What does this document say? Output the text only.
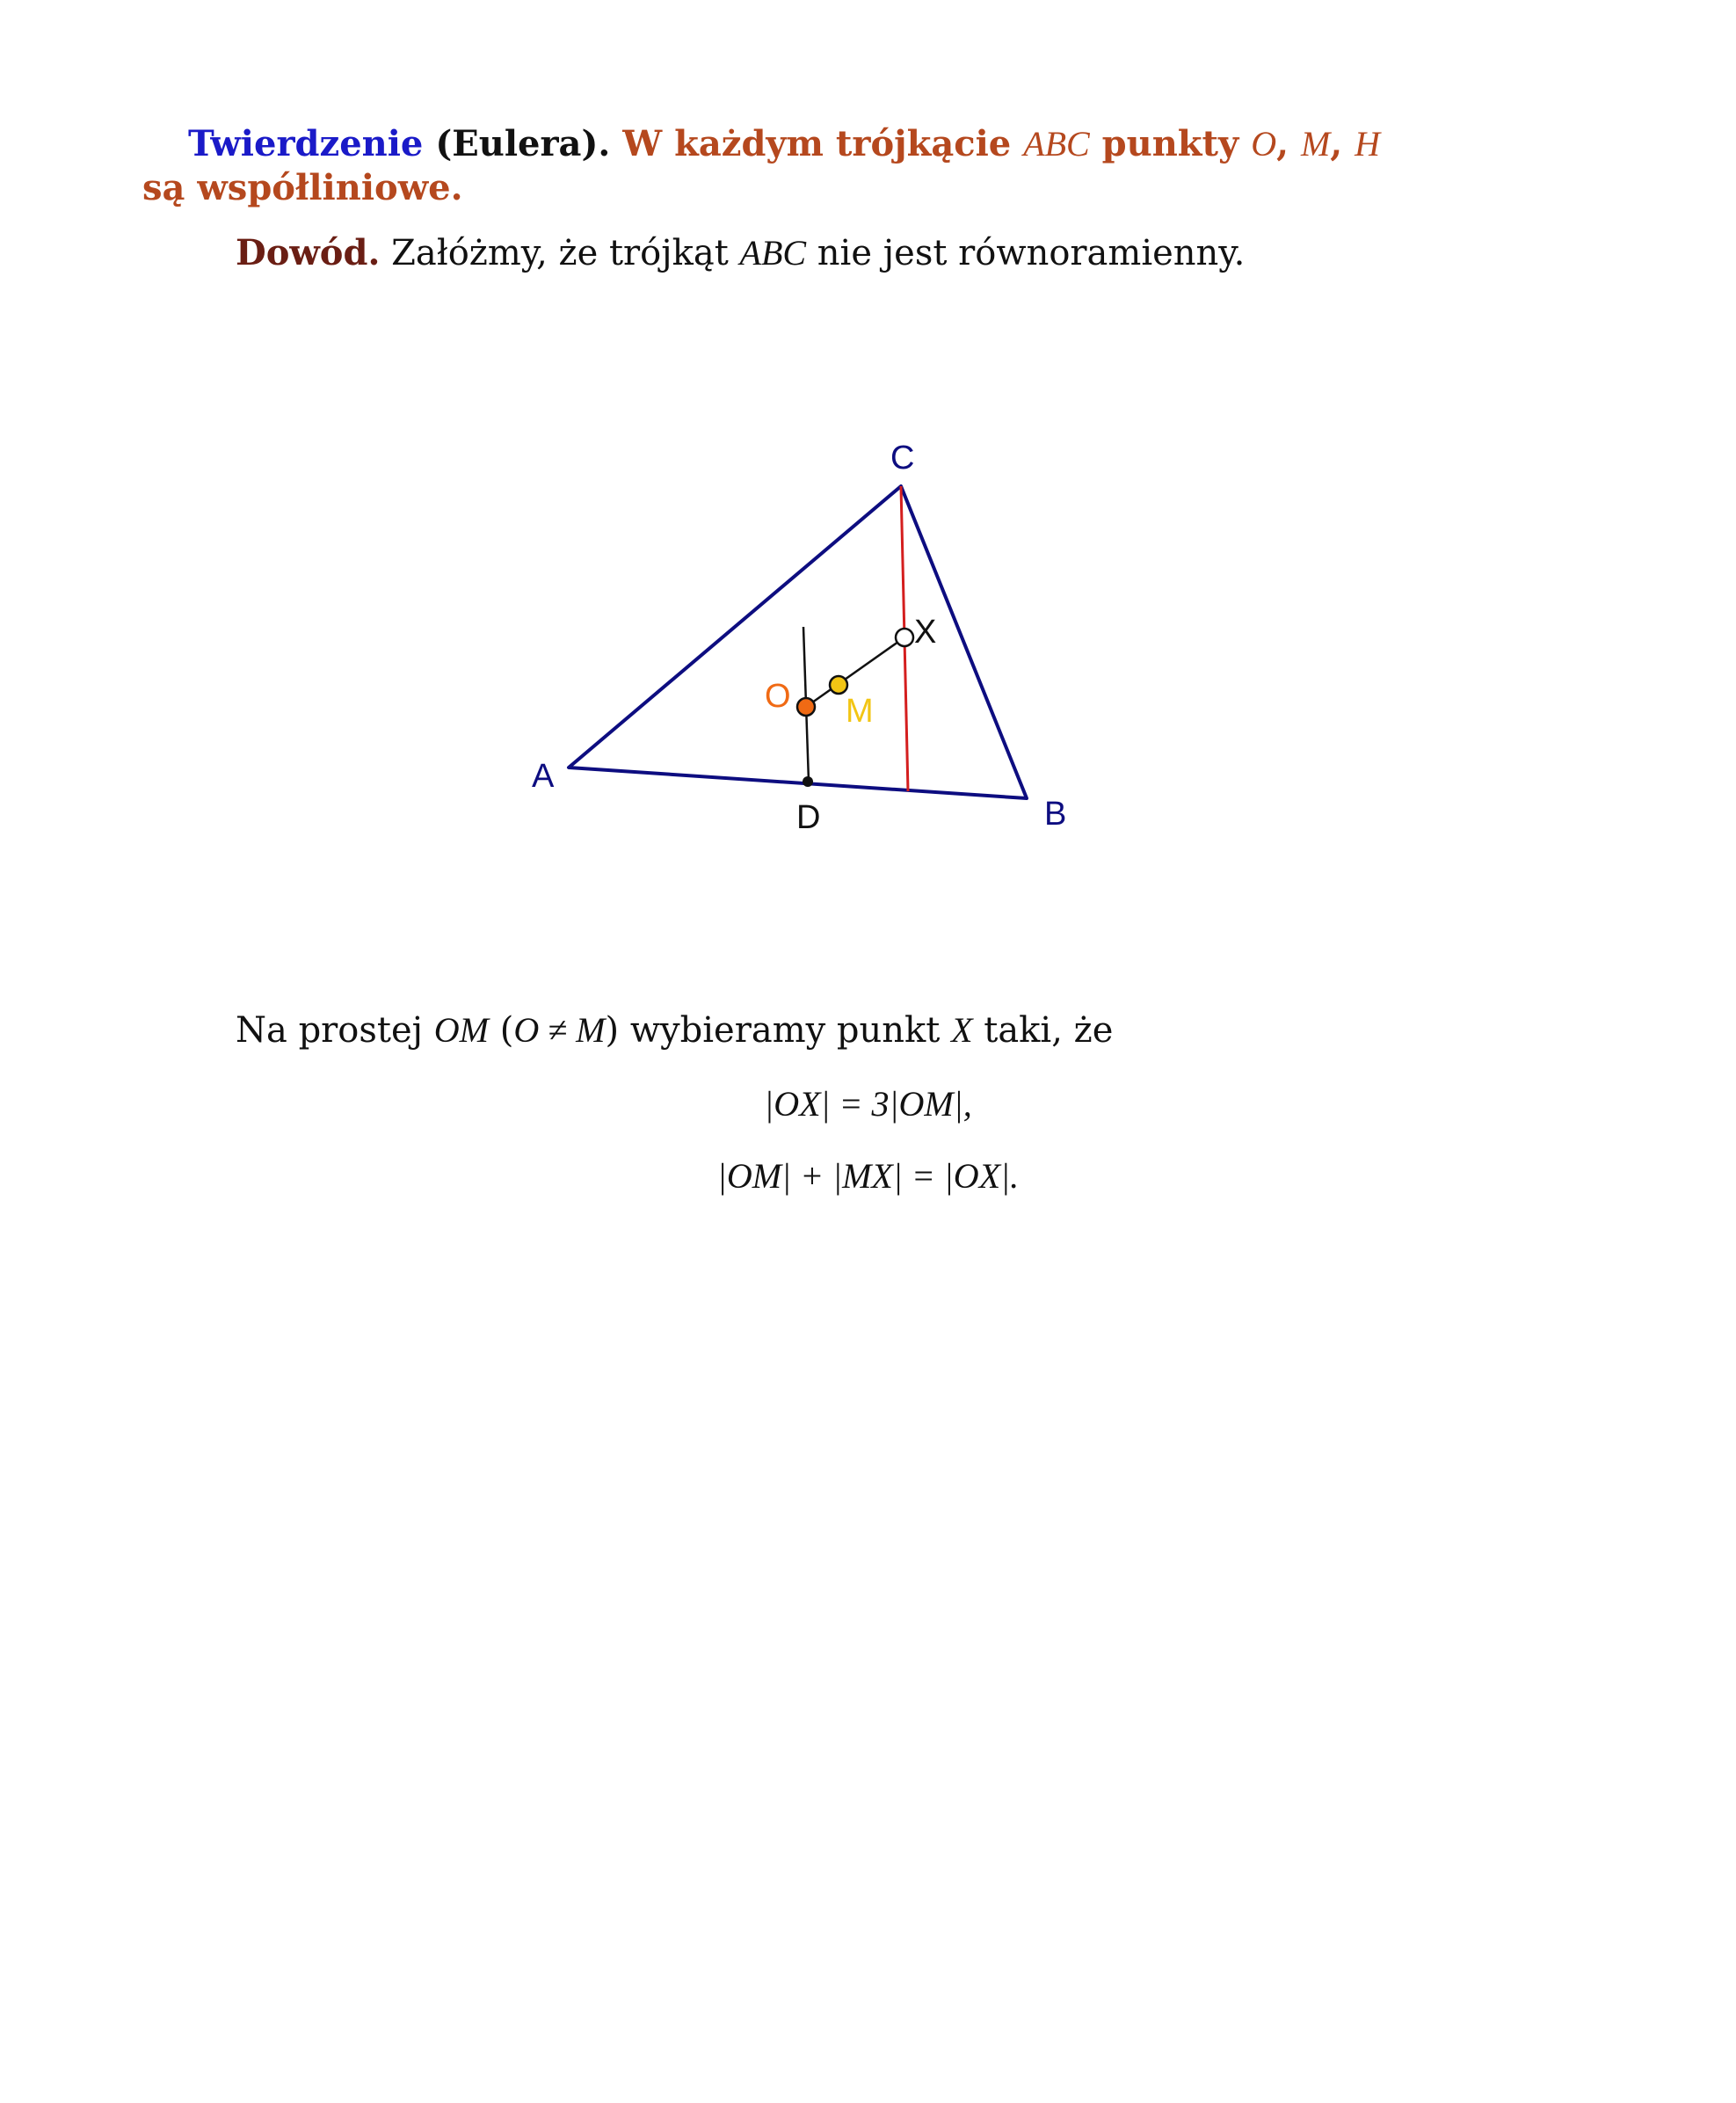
Twierdzenie (Eulera). W każdym trójkącie ABC punkty O, M, H
są współliniowe.
Dowód. Załóżmy, że trójkąt ABC nie jest równoramienny.
C
A
B
D
O M
X
Na prostej OM (O ≠ M) wybieramy punkt X taki, że
|OX| = 3|OM|,
|OM| + |MX| = |OX|.
